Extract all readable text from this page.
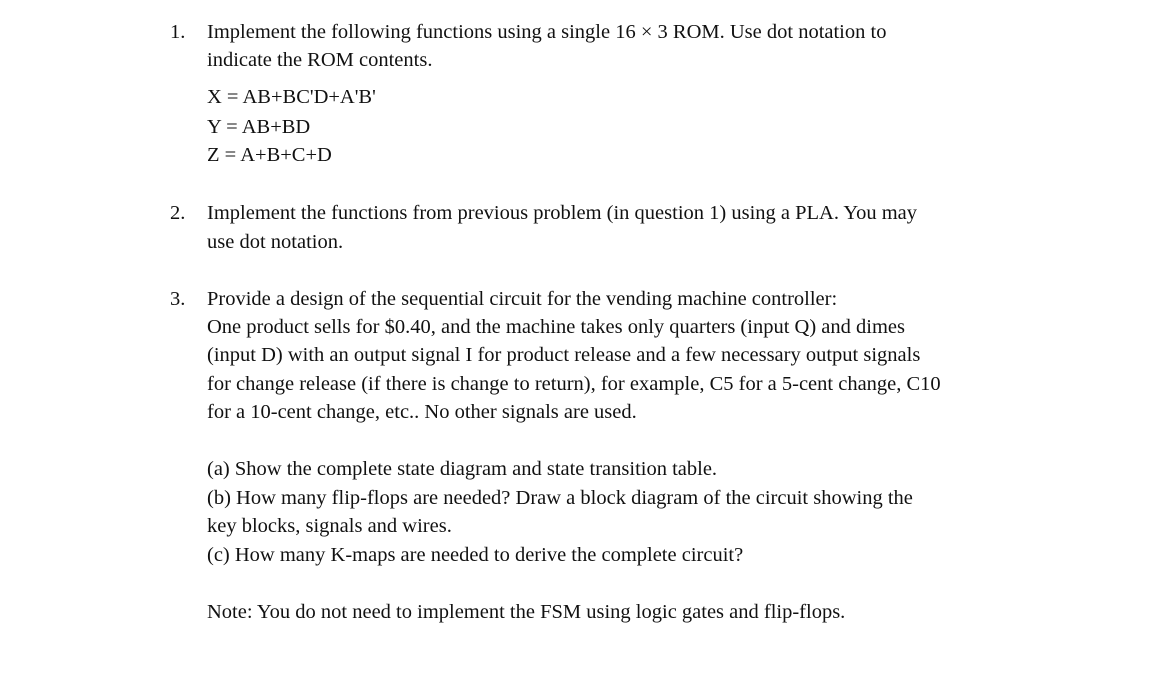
1. Implement the following functions using a single 16 × 3 ROM. Use dot notation to
indicate the ROM contents.
X = AB+BC'D+A'B'
Y = AB+BD
Z = A+B+C+D
2. Implement the functions from previous problem (in question 1) using a PLA. You may
use dot notation.
3. Provide a design of the sequential circuit for the vending machine controller:
One product sells for $0.40, and the machine takes only quarters (input Q) and dimes
(input D) with an output signal I for product release and a few necessary output signals
for change release (if there is change to return), for example, C5 for a 5-cent change, C10
for a 10-cent change, etc.. No other signals are used.
(a) Show the complete state diagram and state transition table.
(b) How many flip-flops are needed? Draw a block diagram of the circuit showing the
key blocks, signals and wires.
(c) How many K-maps are needed to derive the complete circuit?
Note: You do not need to implement the FSM using logic gates and flip-flops.
